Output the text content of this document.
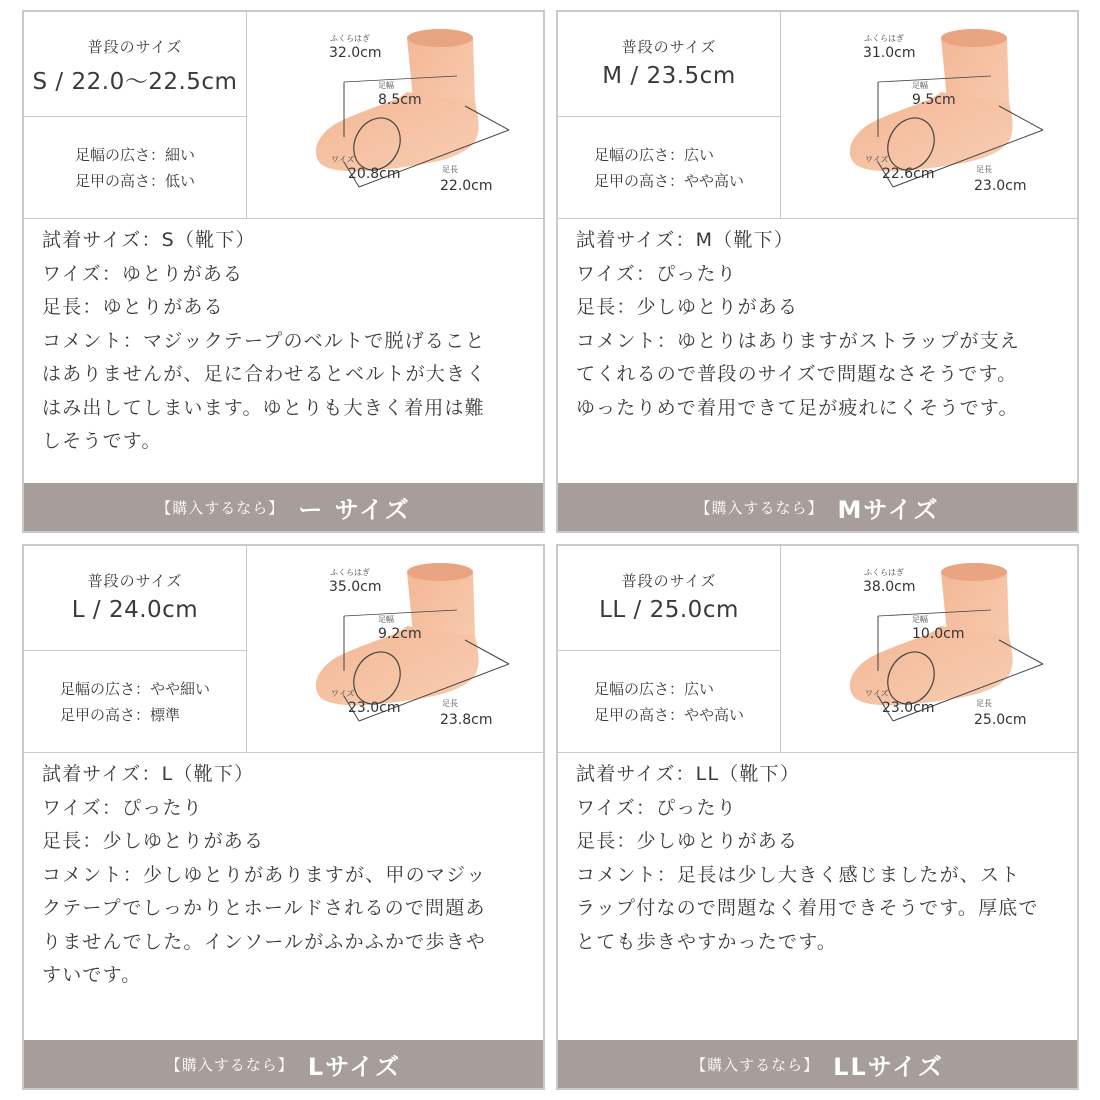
普段のサイズ
S / 22.0〜22.5cm
足幅の広さ：細い
足甲の高さ：低い
ふくらはぎ
32.0cm
足幅
8.5cm
ワイズ
20.8cm	足長
22.0cm
試着サイズ：S（靴下）
ワイズ：ゆとりがある
足長：ゆとりがある
コメント：マジックテープのベルトで脱げること
はありませんが、足に合わせるとベルトが大きく
はみ出してしまいます。ゆとりも大きく着用は難
しそうです。
【購入するなら】 ー サイズ
普段のサイズ
M / 23.5cm
足幅の広さ：広い
足甲の高さ：やや高い
ふくらはぎ
31.0cm
足幅
9.5cm
ワイズ
22.6cm	足長
23.0cm
試着サイズ：M（靴下）
ワイズ：ぴったり
足長：少しゆとりがある
コメント：ゆとりはありますがストラップが支え
てくれるので普段のサイズで問題なさそうです。
ゆったりめで着用できて足が疲れにくそうです。
【購入するなら】 Mサイズ
普段のサイズ
L / 24.0cm
足幅の広さ：やや細い
足甲の高さ：標準
ふくらはぎ
35.0cm
足幅
9.2cm
ワイズ
23.0cm	足長
23.8cm
試着サイズ：L（靴下）
ワイズ：ぴったり
足長：少しゆとりがある
コメント：少しゆとりがありますが、甲のマジッ
クテープでしっかりとホールドされるので問題あ
りませんでした。インソールがふかふかで歩きや
すいです。
【購入するなら】 Lサイズ
普段のサイズ
LL / 25.0cm
足幅の広さ：広い
足甲の高さ：やや高い
ふくらはぎ
38.0cm
足幅
10.0cm
ワイズ
23.0cm	足長
25.0cm
試着サイズ：LL（靴下）
ワイズ：ぴったり
足長：少しゆとりがある
コメント：足長は少し大きく感じましたが、スト
ラップ付なので問題なく着用できそうです。厚底で
とても歩きやすかったです。
【購入するなら】 LLサイズ
